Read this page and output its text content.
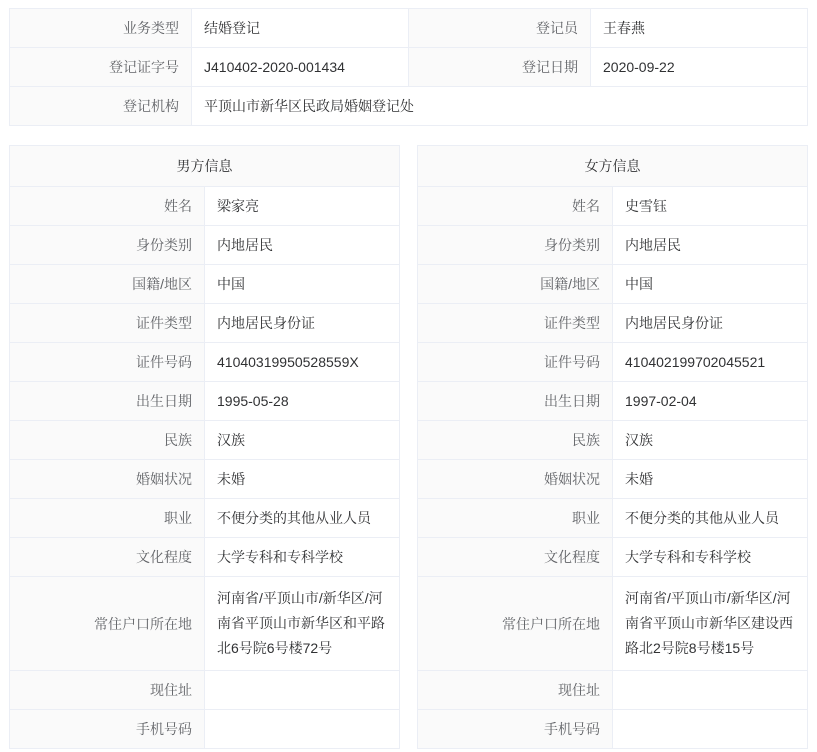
业务类型	结婚登记	登记员	王春燕
登记证字号	J410402-2020-001434	登记日期	2020-09-22
登记机构	平顶山市新华区民政局婚姻登记处		
男方信息	
姓名	梁家亮
身份类别	内地居民
国籍/地区	中国
证件类型	内地居民身份证
证件号码	41040319950528559X
出生日期	1995-05-28
民族	汉族
婚姻状况	未婚
职业	不便分类的其他从业人员
文化程度	大学专科和专科学校
常住户口所在地	河南省/平顶山市/新华区/河南省平顶山市新华区和平路北6号院6号楼72号
现住址	
手机号码	
女方信息	
姓名	史雪钰
身份类别	内地居民
国籍/地区	中国
证件类型	内地居民身份证
证件号码	410402199702045521
出生日期	1997-02-04
民族	汉族
婚姻状况	未婚
职业	不便分类的其他从业人员
文化程度	大学专科和专科学校
常住户口所在地	河南省/平顶山市/新华区/河南省平顶山市新华区建设西路北2号院8号楼15号
现住址	
手机号码	
